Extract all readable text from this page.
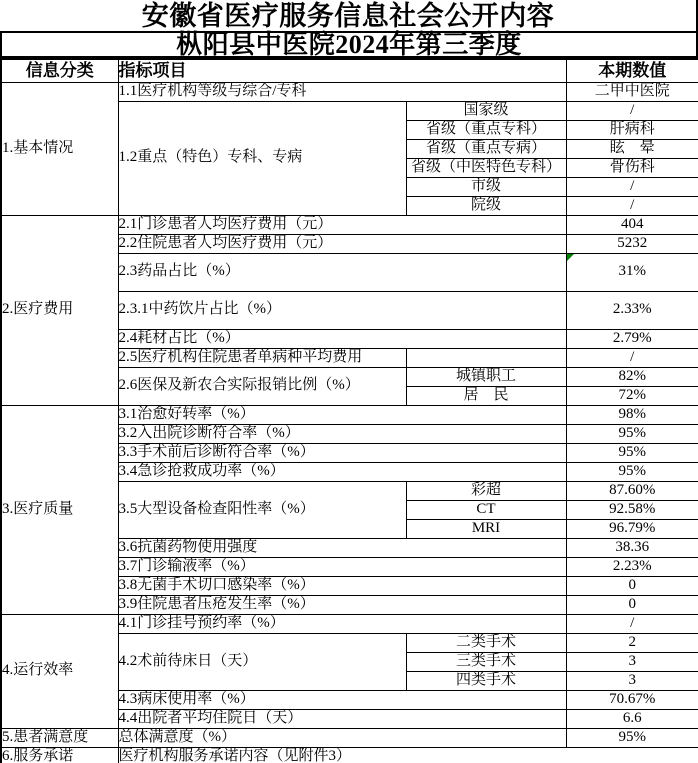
安徽省医疗服务信息社会公开内容
枞阳县中医院2024年第三季度
信息分类	指标项目		本期数值
1.基本情况	1.1医疗机构等级与综合/专科		二甲中医院
	1.2重点（特色）专科、专病	国家级	/
		省级（重点专科）	肝病科
		省级（重点专病）	眩　晕
		省级（中医特色专科）	骨伤科
		市级	/
		院级	/
2.医疗费用	2.1门诊患者人均医疗费用（元）		404
	2.2住院患者人均医疗费用（元）		5232
	2.3药品占比（%）		31%
	2.3.1中药饮片占比（%）		2.33%
	2.4耗材占比（%）		2.79%
	2.5医疗机构住院患者单病种平均费用		/
	2.6医保及新农合实际报销比例（%）	城镇职工	82%
		居　民	72%
3.医疗质量	3.1治愈好转率（%）		98%
	3.2入出院诊断符合率（%）		95%
	3.3手术前后诊断符合率（%）		95%
	3.4急诊抢救成功率（%）		95%
	3.5大型设备检查阳性率（%）	彩超	87.60%
		CT	92.58%
		MRI	96.79%
	3.6抗菌药物使用强度		38.36
	3.7门诊输液率（%）		2.23%
	3.8无菌手术切口感染率（%）		0
	3.9住院患者压疮发生率（%）		0
4.运行效率	4.1门诊挂号预约率（%）		/
	4.2术前待床日（天）	二类手术	2
		三类手术	3
		四类手术	3
	4.3病床使用率（%）		70.67%
	4.4出院者平均住院日（天）		6.6
5.患者满意度	总体满意度（%）		95%
6.服务承诺	医疗机构服务承诺内容（见附件3）		
